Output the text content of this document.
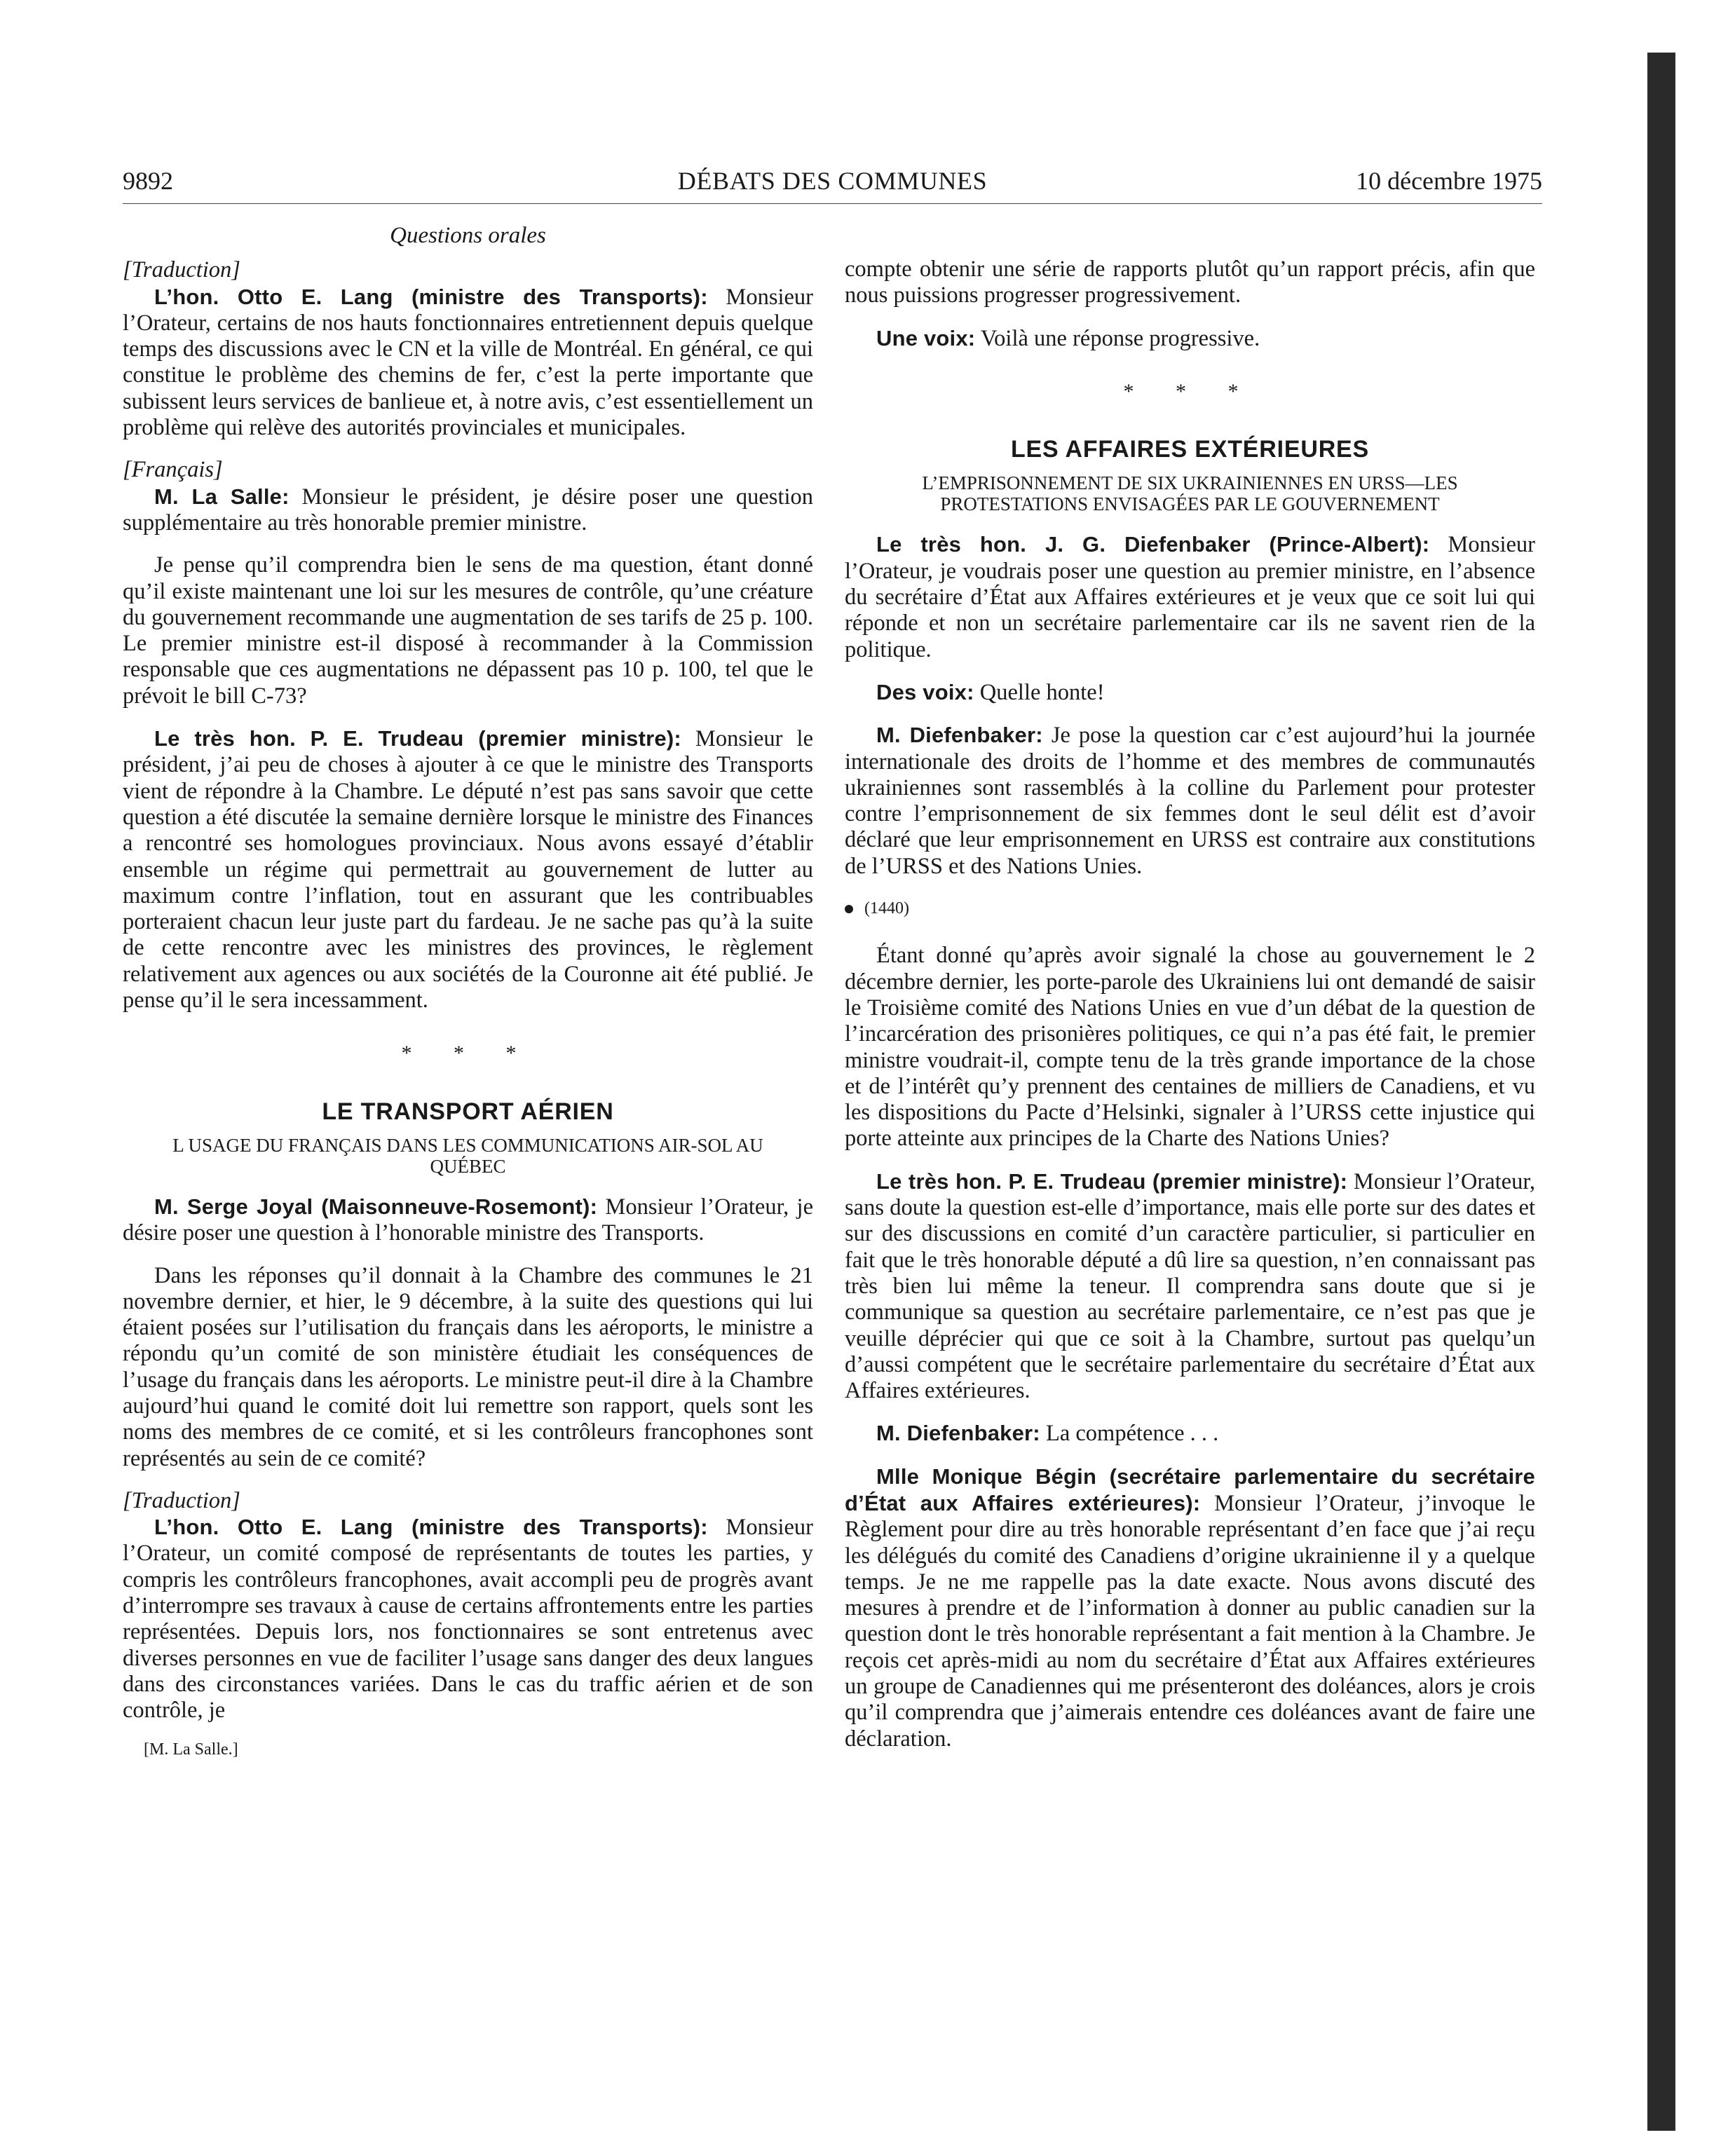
9892	DÉBATS DES COMMUNES	10 décembre 1975
Questions orales
[Traduction]

L’hon. Otto E. Lang (ministre des Transports): Monsieur l’Orateur, certains de nos hauts fonctionnaires entretiennent depuis quelque temps des discussions avec le CN et la ville de Montréal. En général, ce qui constitue le problème des chemins de fer, c’est la perte importante que subissent leurs services de banlieue et, à notre avis, c’est essentiellement un problème qui relève des autorités provinciales et municipales.

[Français]

M. La Salle: Monsieur le président, je désire poser une question supplémentaire au très honorable premier ministre.

Je pense qu’il comprendra bien le sens de ma question, étant donné qu’il existe maintenant une loi sur les mesures de contrôle, qu’une créature du gouvernement recommande une augmentation de ses tarifs de 25 p. 100. Le premier ministre est-il disposé à recommander à la Commission responsable que ces augmentations ne dépassent pas 10 p. 100, tel que le prévoit le bill C-73?

Le très hon. P. E. Trudeau (premier ministre): Monsieur le président, j’ai peu de choses à ajouter à ce que le ministre des Transports vient de répondre à la Chambre. Le député n’est pas sans savoir que cette question a été discutée la semaine dernière lorsque le ministre des Finances a rencontré ses homologues provinciaux. Nous avons essayé d’établir ensemble un régime qui permettrait au gouvernement de lutter au maximum contre l’inflation, tout en assurant que les contribuables porteraient chacun leur juste part du fardeau. Je ne sache pas qu’à la suite de cette rencontre avec les ministres des provinces, le règlement relativement aux agences ou aux sociétés de la Couronne ait été publié. Je pense qu’il le sera incessamment.

* * *
LE TRANSPORT AÉRIEN
L USAGE DU FRANÇAIS DANS LES COMMUNICATIONS AIR-SOL AU QUÉBEC

M. Serge Joyal (Maisonneuve-Rosemont): Monsieur l’Orateur, je désire poser une question à l’honorable ministre des Transports.

Dans les réponses qu’il donnait à la Chambre des communes le 21 novembre dernier, et hier, le 9 décembre, à la suite des questions qui lui étaient posées sur l’utilisation du français dans les aéroports, le ministre a répondu qu’un comité de son ministère étudiait les conséquences de l’usage du français dans les aéroports. Le ministre peut-il dire à la Chambre aujourd’hui quand le comité doit lui remettre son rapport, quels sont les noms des membres de ce comité, et si les contrôleurs francophones sont représentés au sein de ce comité?

[Traduction]

L’hon. Otto E. Lang (ministre des Transports): Monsieur l’Orateur, un comité composé de représentants de toutes les parties, y compris les contrôleurs francophones, avait accompli peu de progrès avant d’interrompre ses travaux à cause de certains affrontements entre les parties représentées. Depuis lors, nos fonctionnaires se sont entretenus avec diverses personnes en vue de faciliter l’usage sans danger des deux langues dans des circonstances variées. Dans le cas du traffic aérien et de son contrôle, je

[M. La Salle.]

compte obtenir une série de rapports plutôt qu’un rapport précis, afin que nous puissions progresser progressivement.

Une voix: Voilà une réponse progressive.

* * *
LES AFFAIRES EXTÉRIEURES
L’EMPRISONNEMENT DE SIX UKRAINIENNES EN URSS—LES PROTESTATIONS ENVISAGÉES PAR LE GOUVERNEMENT

Le très hon. J. G. Diefenbaker (Prince-Albert): Monsieur l’Orateur, je voudrais poser une question au premier ministre, en l’absence du secrétaire d’État aux Affaires extérieures et je veux que ce soit lui qui réponde et non un secrétaire parlementaire car ils ne savent rien de la politique.

Des voix: Quelle honte!

M. Diefenbaker: Je pose la question car c’est aujourd’hui la journée internationale des droits de l’homme et des membres de communautés ukrainiennes sont rassemblés à la colline du Parlement pour protester contre l’emprisonnement de six femmes dont le seul délit est d’avoir déclaré que leur emprisonnement en URSS est contraire aux constitutions de l’URSS et des Nations Unies.

(1440)

Étant donné qu’après avoir signalé la chose au gouvernement le 2 décembre dernier, les porte-parole des Ukrainiens lui ont demandé de saisir le Troisième comité des Nations Unies en vue d’un débat de la question de l’incarcération des prisonières politiques, ce qui n’a pas été fait, le premier ministre voudrait-il, compte tenu de la très grande importance de la chose et de l’intérêt qu’y prennent des centaines de milliers de Canadiens, et vu les dispositions du Pacte d’Helsinki, signaler à l’URSS cette injustice qui porte atteinte aux principes de la Charte des Nations Unies?

Le très hon. P. E. Trudeau (premier ministre): Monsieur l’Orateur, sans doute la question est-elle d’importance, mais elle porte sur des dates et sur des discussions en comité d’un caractère particulier, si particulier en fait que le très honorable député a dû lire sa question, n’en connaissant pas très bien lui même la teneur. Il comprendra sans doute que si je communique sa question au secrétaire parlementaire, ce n’est pas que je veuille déprécier qui que ce soit à la Chambre, surtout pas quelqu’un d’aussi compétent que le secrétaire parlementaire du secrétaire d’État aux Affaires extérieures.

M. Diefenbaker: La compétence . . .

Mlle Monique Bégin (secrétaire parlementaire du secrétaire d’État aux Affaires extérieures): Monsieur l’Orateur, j’invoque le Règlement pour dire au très honorable représentant d’en face que j’ai reçu les délégués du comité des Canadiens d’origine ukrainienne il y a quelque temps. Je ne me rappelle pas la date exacte. Nous avons discuté des mesures à prendre et de l’information à donner au public canadien sur la question dont le très honorable représentant a fait mention à la Chambre. Je reçois cet après-midi au nom du secrétaire d’État aux Affaires extérieures un groupe de Canadiennes qui me présenteront des doléances, alors je crois qu’il comprendra que j’aimerais entendre ces doléances avant de faire une déclaration.
